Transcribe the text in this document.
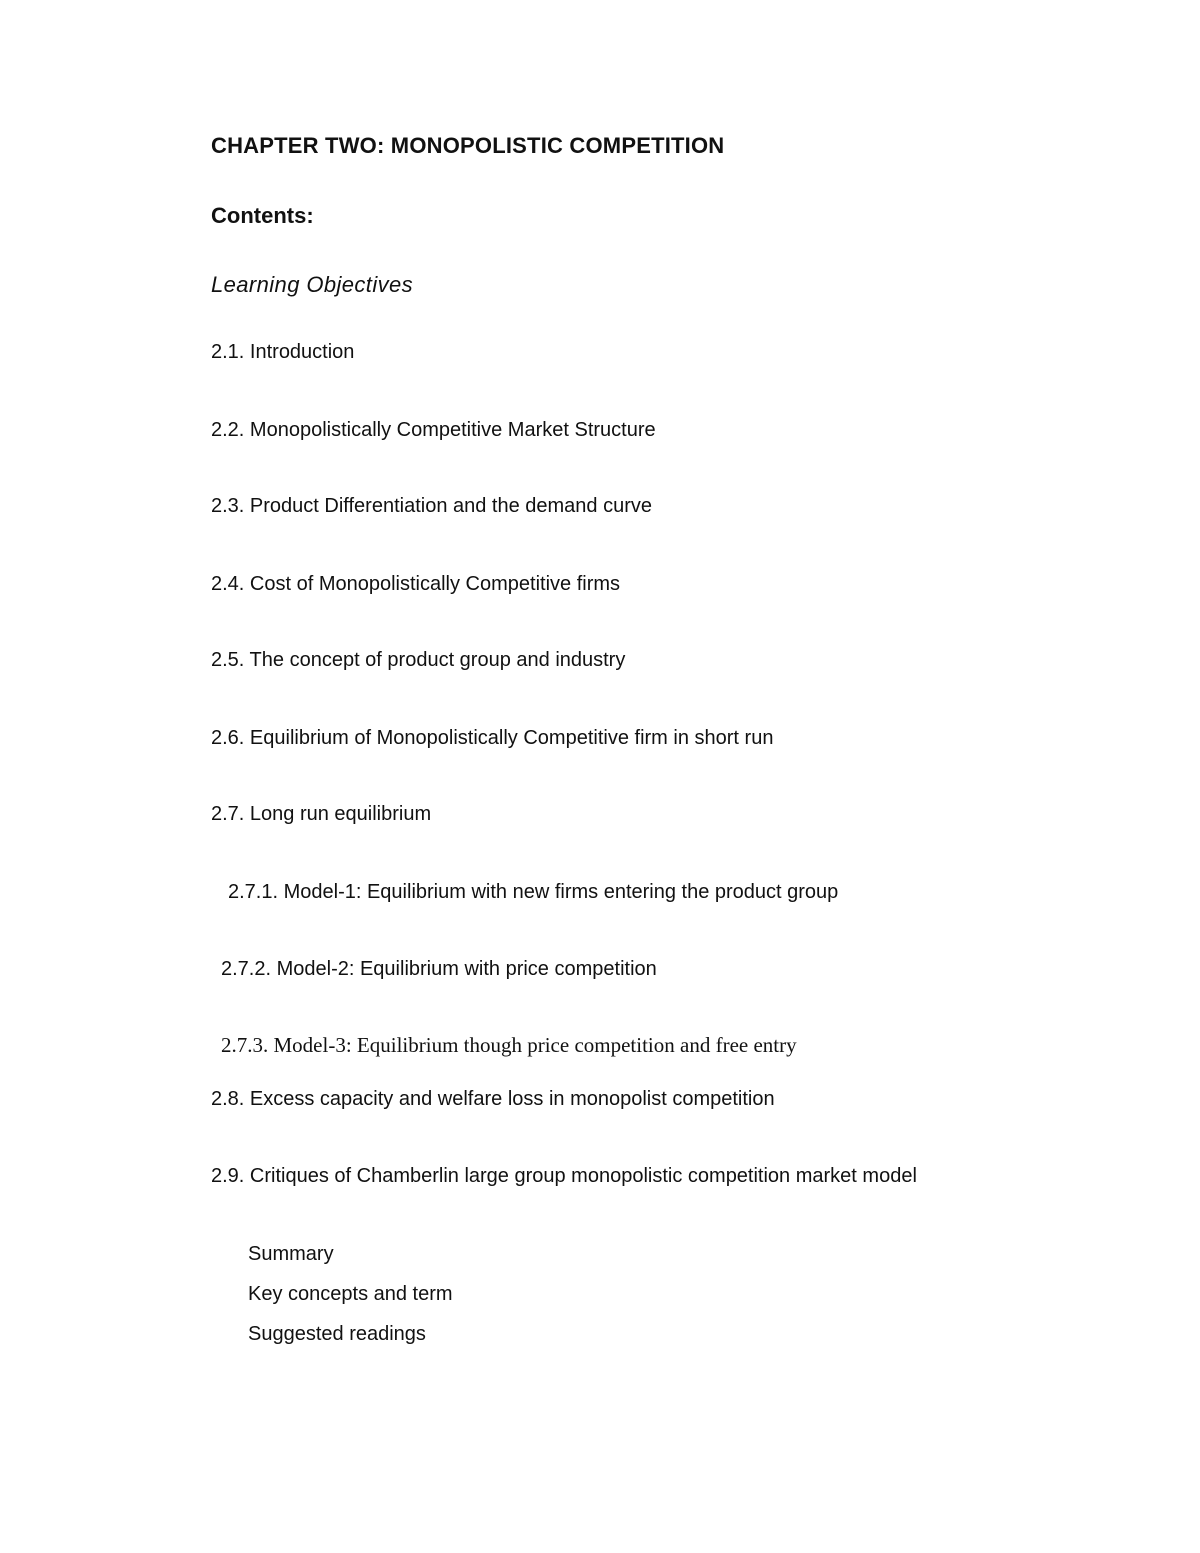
CHAPTER TWO: MONOPOLISTIC COMPETITION
Contents:
Learning Objectives
2.1. Introduction
2.2. Monopolistically Competitive Market Structure
2.3. Product Differentiation and the demand curve
2.4. Cost of Monopolistically Competitive firms
2.5. The concept of product group and industry
2.6. Equilibrium of Monopolistically Competitive firm in short run
2.7. Long run equilibrium
2.7.1. Model-1: Equilibrium with new firms entering the product group
2.7.2. Model-2: Equilibrium with price competition
2.7.3. Model-3: Equilibrium though price competition and free entry
2.8. Excess capacity and welfare loss in monopolist competition
2.9. Critiques of Chamberlin large group monopolistic competition market model
Summary
Key concepts and term
Suggested readings
